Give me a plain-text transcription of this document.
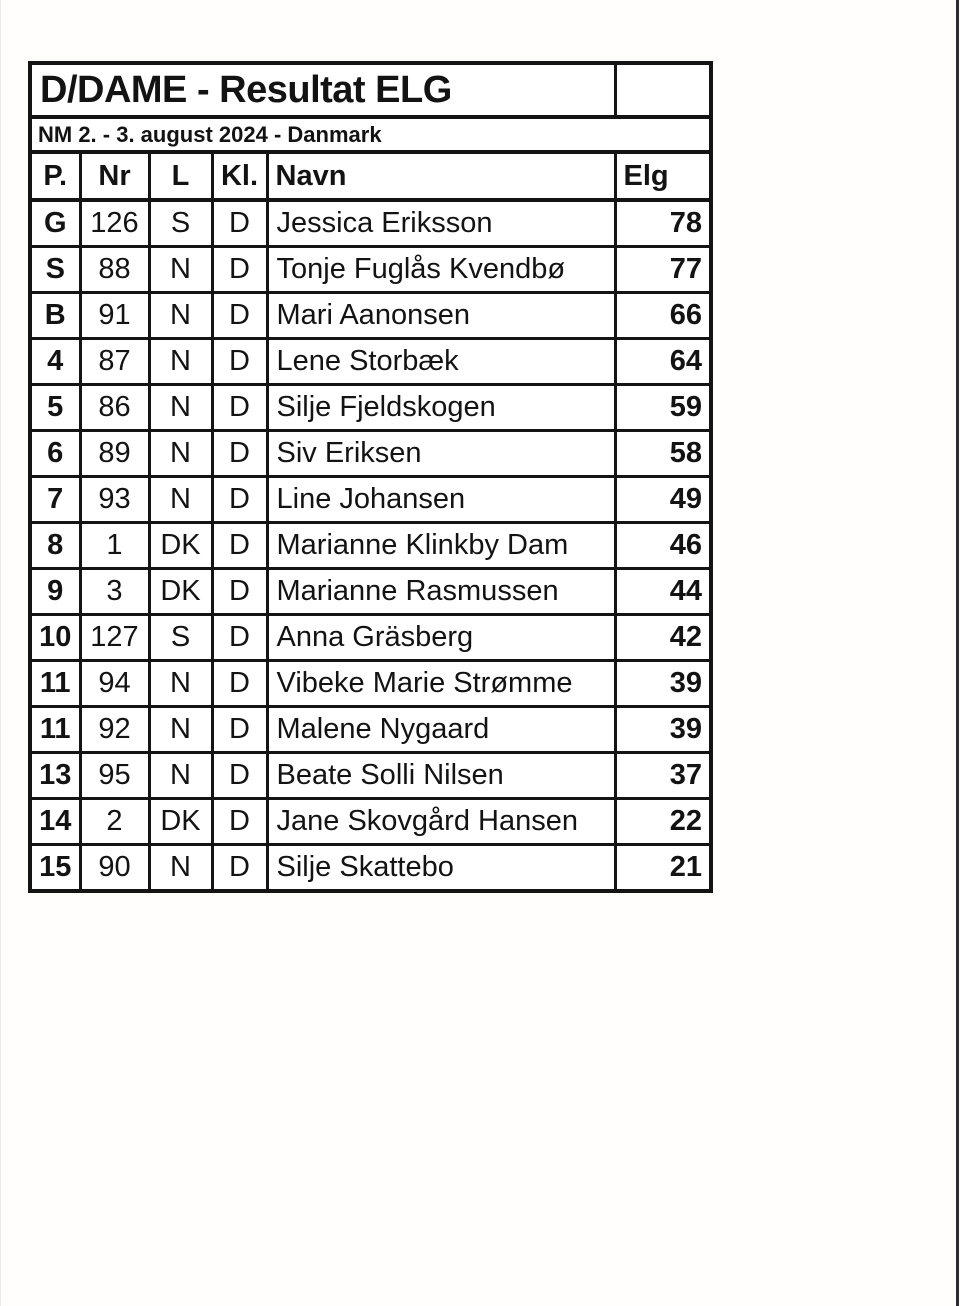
D/DAME - Resultat ELG					
NM 2. - 3. august 2024 - Danmark					
P.	Nr	L	Kl.	Navn	Elg
G	126	S	D	Jessica Eriksson	78
S	88	N	D	Tonje Fuglås Kvendbø	77
B	91	N	D	Mari Aanonsen	66
4	87	N	D	Lene Storbæk	64
5	86	N	D	Silje Fjeldskogen	59
6	89	N	D	Siv Eriksen	58
7	93	N	D	Line Johansen	49
8	1	DK	D	Marianne Klinkby Dam	46
9	3	DK	D	Marianne Rasmussen	44
10	127	S	D	Anna Gräsberg	42
11	94	N	D	Vibeke Marie Strømme	39
11	92	N	D	Malene Nygaard	39
13	95	N	D	Beate Solli Nilsen	37
14	2	DK	D	Jane Skovgård Hansen	22
15	90	N	D	Silje Skattebo	21
